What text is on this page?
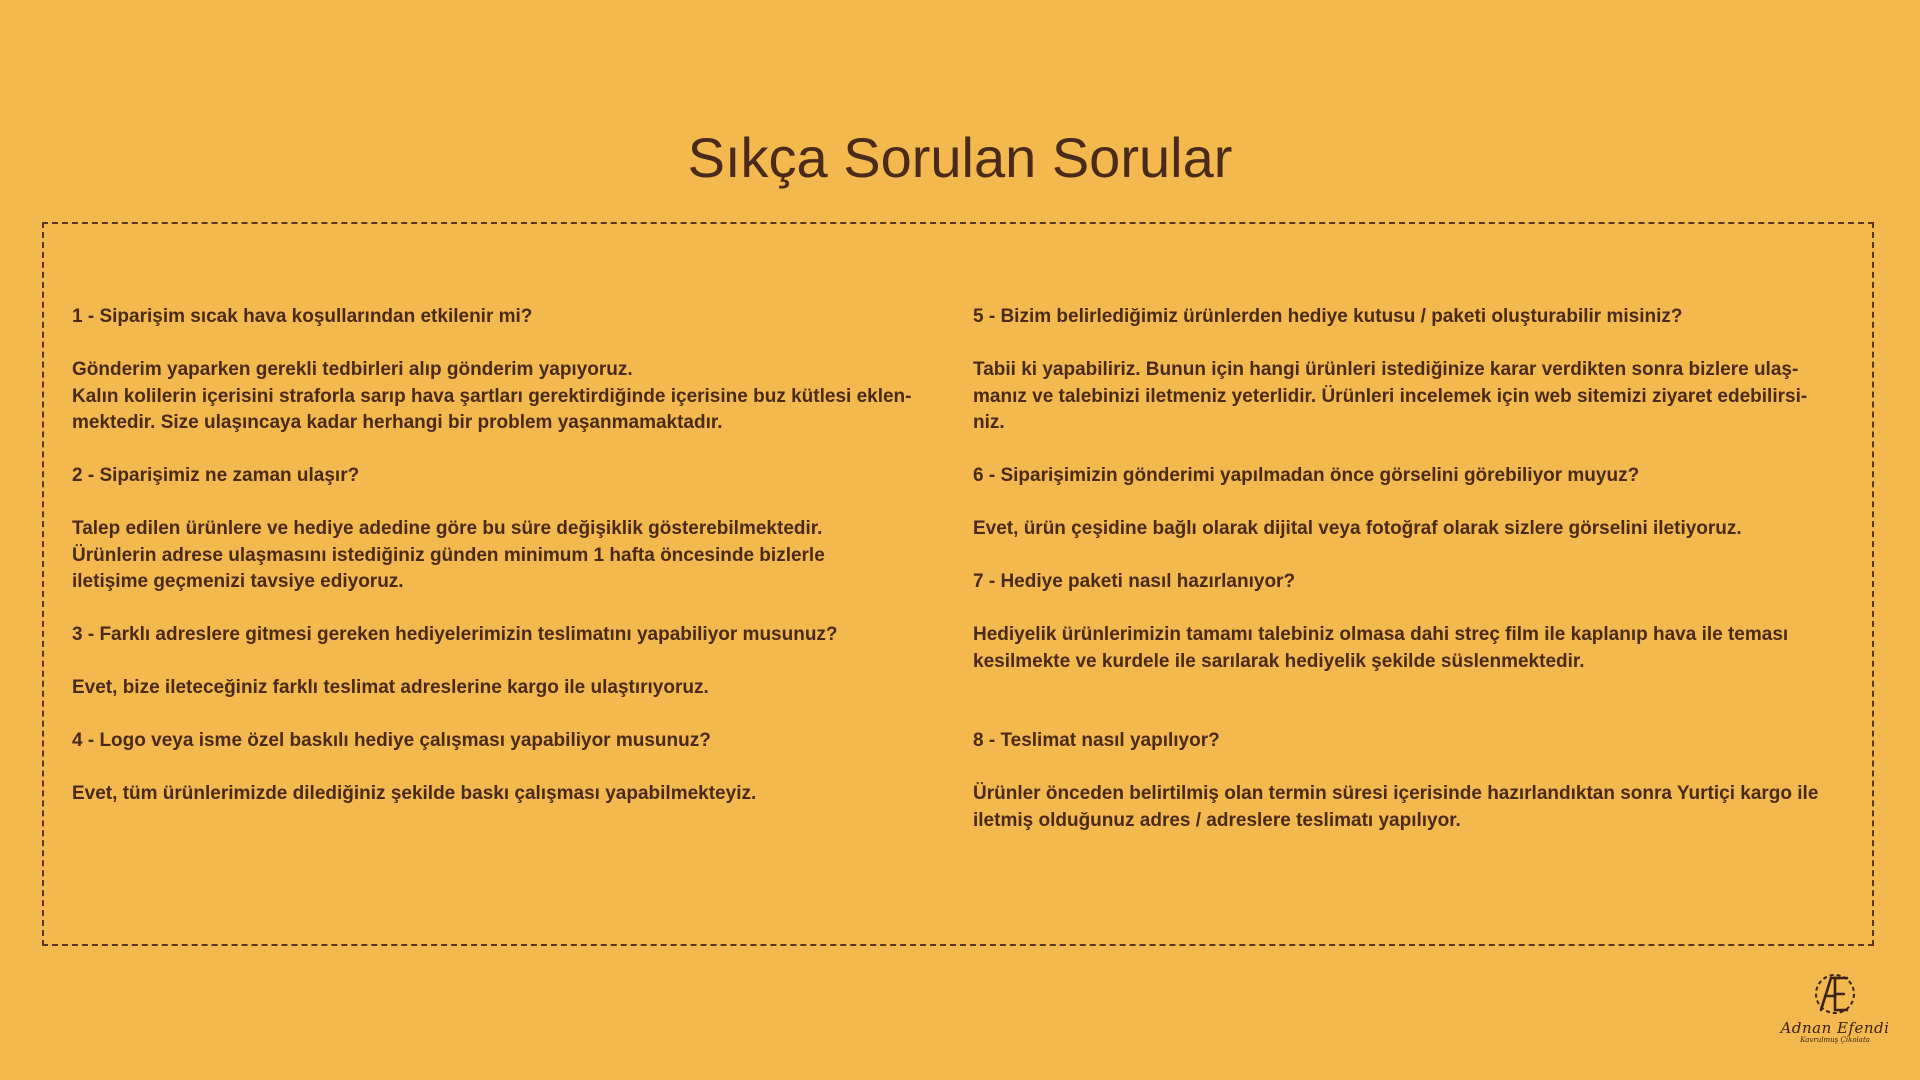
Sıkça Sorulan Sorular
1 - Siparişim sıcak hava koşullarından etkilenir mi?
Gönderim yaparken gerekli tedbirleri alıp gönderim yapıyoruz.
Kalın kolilerin içerisini straforla sarıp hava şartları gerektirdiğinde içerisine buz kütlesi eklen-
mektedir. Size ulaşıncaya kadar herhangi bir problem yaşanmamaktadır.
2 - Siparişimiz ne zaman ulaşır?
Talep edilen ürünlere ve hediye adedine göre bu süre değişiklik gösterebilmektedir.
Ürünlerin adrese ulaşmasını istediğiniz günden minimum 1 hafta öncesinde bizlerle
iletişime geçmenizi tavsiye ediyoruz.
3 - Farklı adreslere gitmesi gereken hediyelerimizin teslimatını yapabiliyor musunuz?
Evet, bize ileteceğiniz farklı teslimat adreslerine kargo ile ulaştırıyoruz.
4 - Logo veya isme özel baskılı hediye çalışması yapabiliyor musunuz?
Evet, tüm ürünlerimizde dilediğiniz şekilde baskı çalışması yapabilmekteyiz.
5 - Bizim belirlediğimiz ürünlerden hediye kutusu / paketi oluşturabilir misiniz?
Tabii ki yapabiliriz. Bunun için hangi ürünleri istediğinize karar verdikten sonra bizlere ulaş-
manız ve talebinizi iletmeniz yeterlidir. Ürünleri incelemek için web sitemizi ziyaret edebilirsi-
niz.
6 - Siparişimizin gönderimi yapılmadan önce görselini görebiliyor muyuz?
Evet, ürün çeşidine bağlı olarak dijital veya fotoğraf olarak sizlere görselini iletiyoruz.
7 - Hediye paketi nasıl hazırlanıyor?
Hediyelik ürünlerimizin tamamı talebiniz olmasa dahi streç film ile kaplanıp hava ile teması
kesilmekte ve kurdele ile sarılarak hediyelik şekilde süslenmektedir.
8 - Teslimat nasıl yapılıyor?
Ürünler önceden belirtilmiş olan termin süresi içerisinde hazırlandıktan sonra Yurtiçi kargo ile
iletmiş olduğunuz adres / adreslere teslimatı yapılıyor.
Adnan Efendi
Kavrulmuş Çikolata
